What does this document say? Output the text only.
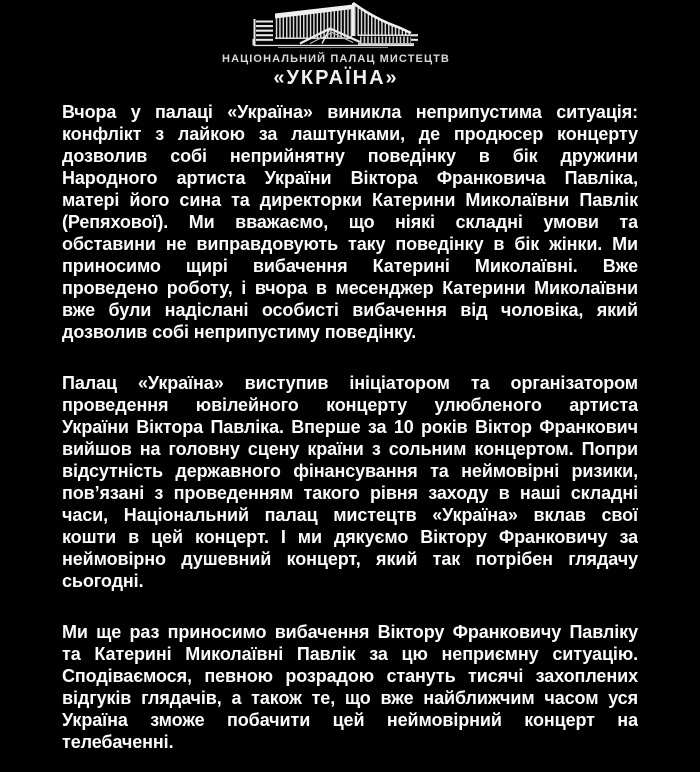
НАЦІОНАЛЬНИЙ ПАЛАЦ МИСТЕЦТВ
«УКРАЇНА»
Вчора у палаці «Україна» виникла неприпустима ситуація:
конфлікт з лайкою за лаштунками, де продюсер концерту
дозволив собі неприйнятну поведінку в бік дружини
Народного артиста України Віктора Франковича Павліка,
матері його сина та директорки Катерини Миколаївни Павлік
(Репяхової). Ми вважаємо, що ніякі складні умови та
обставини не виправдовують таку поведінку в бік жінки. Ми
приносимо щирі вибачення Катерині Миколаївні. Вже
проведено роботу, і вчора в месенджер Катерини Миколаївни
вже були надіслані особисті вибачення від чоловіка, який
дозволив собі неприпустиму поведінку.
Палац «Україна» виступив ініціатором та організатором
проведення ювілейного концерту улюбленого артиста
України Віктора Павліка. Вперше за 10 років Віктор Франкович
вийшов на головну сцену країни з сольним концертом. Попри
відсутність державного фінансування та неймовірні ризики,
пов’язані з проведенням такого рівня заходу в наші складні
часи, Національний палац мистецтв «Україна» вклав свої
кошти в цей концерт. І ми дякуємо Віктору Франковичу за
неймовірно душевний концерт, який так потрібен глядачу
сьогодні.
Ми ще раз приносимо вибачення Віктору Франковичу Павліку
та Катерині Миколаївні Павлік за цю неприємну ситуацію.
Сподіваємося, певною розрадою стануть тисячі захоплених
відгуків глядачів, а також те, що вже найближчим часом уся
Україна зможе побачити цей неймовірний концерт на
телебаченні.
